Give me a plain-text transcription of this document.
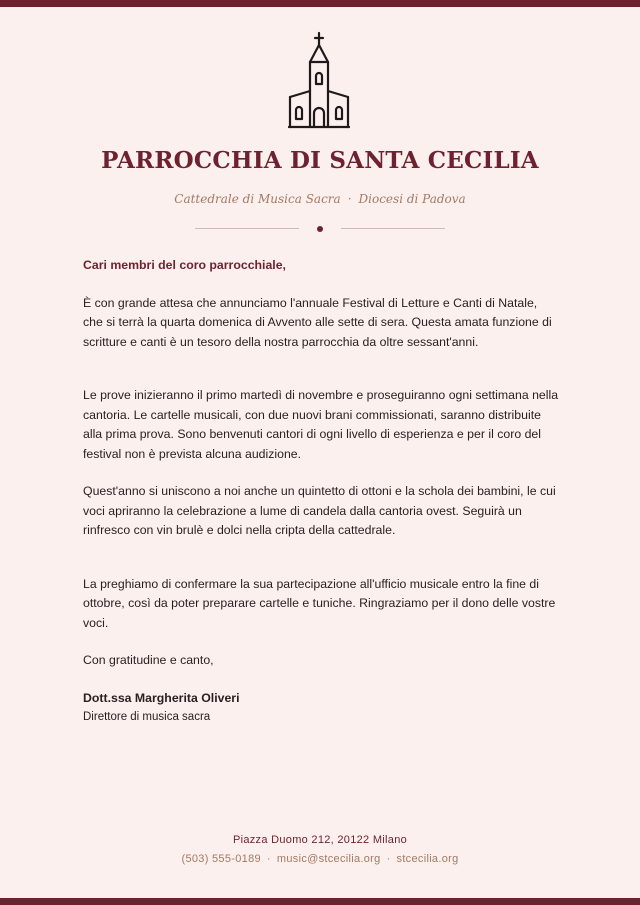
PARROCCHIA DI SANTA CECILIA
Cattedrale di Musica Sacra · Diocesi di Padova

Cari membri del coro parrocchiale,

È con grande attesa che annunciamo l'annuale Festival di Letture e Canti di Natale, che si terrà la quarta domenica di Avvento alle sette di sera. Questa amata funzione di scritture e canti è un tesoro della nostra parrocchia da oltre sessant'anni.

Le prove inizieranno il primo martedì di novembre e proseguiranno ogni settimana nella cantoria. Le cartelle musicali, con due nuovi brani commissionati, saranno distribuite alla prima prova. Sono benvenuti cantori di ogni livello di esperienza e per il coro del festival non è prevista alcuna audizione.

Quest'anno si uniscono a noi anche un quintetto di ottoni e la schola dei bambini, le cui voci apriranno la celebrazione a lume di candela dalla cantoria ovest. Seguirà un rinfresco con vin brulè e dolci nella cripta della cattedrale.

La preghiamo di confermare la sua partecipazione all'ufficio musicale entro la fine di ottobre, così da poter preparare cartelle e tuniche. Ringraziamo per il dono delle vostre voci.

Con gratitudine e canto,

Dott.ssa Margherita Oliveri

Direttore di musica sacra

Piazza Duomo 212, 20122 Milano
(503) 555-0189 · music@stcecilia.org · stcecilia.org
